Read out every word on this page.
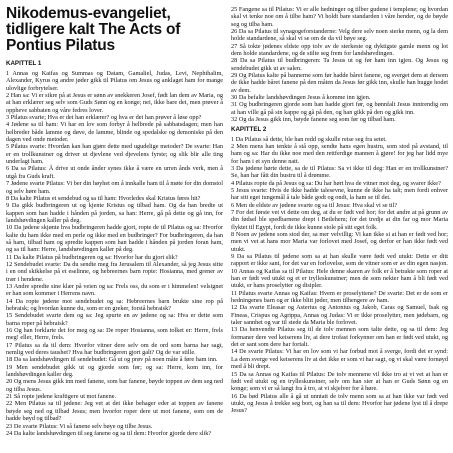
Nikodemus-evangeliet, tidligere kalt The Acts of Pontius Pilatus
KAPITTEL 1

1 Annas og Kaifas og Summas og Datam, Gamaliel, Judas, Levi, Nephthalim, Alexander, Kyrus og andre jøder gikk til Pilatus om Jesus og anklaget ham for mange ulovlige forbrytelser.

2 Han sa: Vi er sikre på at Jesus er sønn av snekkeren Josef, født lan dem av Maria, og at han erklærer seg selv som Guds Sønn og en konge; nei, ikke bare det, men prøver å oppheve sabbaten og våre fedres lover.

3 Pilatus svarte; Hva er det han erklærer? og hva er det han prøver å løse opp?

4 Jødene sa til ham: Vi har en lov som forbyr å helbrede på sabbatsdagen; men han helbreder både lamme og døve, de lamme, blinde og spedalske og demoniske på den dagen ved onde metoder.

5 Pilatus svarte: Hvordan kan han gjøre dette med ugudelige metoder? De svarte: Han er en trollkunstner og driver ut djevlene ved djevelens fyrste; og slik blir alle ting underlagt ham.

6 Da sa Pilatus: Å drive ut onde ånder synes ikke å være en urren ånds verk, men å utgå fra Guds kraft.

7 Jødene svarte Pilatus: Vi ber din høyhet om å innkalle ham til å møte for din domstol og selv høre ham.

8 Da kalte Pilatus et sendebud og sa til ham: Hvorledes skal Kristus føres hit?

9 Da gikk budbringeren ut og kjente Kristus og tilbad ham. Og da han bredte ut kappen som han hadde i hånden på jorden, sa han: Herre, gå på dette og gå inn, for landshøvdingen kaller på deg.

10 Da jødene skjønte hva budbringeren hadde gjort, ropte de til Pilatus og sa: Hvorfor kalte du ham ikke med en perle og ikke med en budbringer? For budbringeren, da han så ham, tilbad ham og spredte kappen som han hadde i hånden på jorden foran ham, og sa til ham: Herre, landshøvdingen kaller på deg.

11 Da kalte Pilatus på budbringeren og sa: Hvorfor har du gjort slik?

12 Sendebudet svarte: Da du sendte meg fra Jerusalem til Alexander, så jeg Jesus sitte i en ond skikkelse på et eselinne, og hebreernes barn ropte: Hosianna, med grener av trær i hendene.

13 Andre spredte sine klær på veien og sa: Frels oss, du som er i himmelen! velsignet er han som kommer i Herrens navn.

14 Da ropte jødene mot sendebudet og sa: Hebreernes barn brukte sine rop på hebraisk; og hvordan kunne du, som er en greker, forstå hebraisk?

15 Sendebudet svarte dem og sa: Jeg spurte en av jødene og sa: Hva er dette som barna roper på hebraisk?

16 Og han forklarte det for meg og sa: De roper Hosianna, som tolket er: Herre, frels meg! eller, Herre, frels.

17 Pilatus sa da til dem: Hvorfor vitner dere selv om de ord som barna har sagt, nemlig ved deres taushet? Hva har budbringeren gjort galt? Og de var stille.

18 Da sa landshøvdingen til sendebudet: Gå ut og prøv på noen måte å føre ham inn.

19 Men sendebudet gikk ut og gjorde som før; og sa: Herre, kom inn, for landshøvdingen kaller deg.

20 Og mens Jesus gikk inn med fanene, som bar fanene, bøyde toppen av dem seg ned og tilba Jesus.

21 Så ropte jødene kraftigere ut mot fanene.

22 Men Pilatus sa til jødene: Jeg vet at det ikke behager eder at toppen av fanene bøyde seg ned og tilbad Jesus; men hvorfor roper dere ut mot fanene, som om de hadde bøyd og tilbad?

23 De svarte Pilatus: Vi så fanene selv bøye og tilbe Jesus.

24 Da kalte landshøvdingen til seg fanene og sa til dem: Hvorfor gjorde dere slik?

25 Fangene sa til Pilatus: Vi er alle hedninger og tilber gudene i templene; og hvordan skal vi tenke noe om å tilbe ham? Vi holdt bare standarden i våre hender, og de bøyde seg og tilba ham.

26 Da sa Pilatus til synagogeforstanderne: Velg dere selv noen sterke menn, og la dem holde standardene, så skal vi se om de da vil bøye seg.

27 Så tokte jødenes eldste opp tolv av de sterkeste og dyktigste gamle menn og lot dem holde standardene, og de stilte seg frem for landshøvdingen.

28 Da sa Pilatus til budbringeren: Ta Jesus ut og før ham inn igjen. Og Jesus og sendebudet gikk ut av salen.

29 Og Pilatus kalte på bannerne som før hadde båret fanene, og sverget dem at dersom de ikke hadde båret fanene på den måten da Jesus før gikk inn, skulle han hugge hodet av dem.

30 Da befalte landshøvdingen Jesus å komme inn igjen.

31 Og budbringeren gjorde som han hadde gjort før, og bønnfalt Jesus inntrendig om at han ville gå på sin kappe og gå på den, og han gikk på den og gikk inn.

32 Og da Jesus gikk inn, bøyde fanene seg som før og tilbad ham.

KAPITTEL 2

1 Da Pilatus så dette, ble han redd og skulle reise seg fra setet.

2 Men mens han tenkte å stå opp, sendte hans egen hustru, som stod på avstand, til ham og sa: Har du ikke noe med den rettferdige mannen å gjøre! for jeg har lidd mye for ham i et syn denne natt.

3 Da jødene hørte dette, sa de til Pilatus: Sa vi ikke til deg: Han er en trollkunstner? Se, han har fått din hustru til å drømme.

4 Pilatus ropte da på Jesus og sa: Du har hørt hva de vitner mot deg, og svarer ikke?

5 Jesus svarte: Hvis de ikke hadde talesevne, kunne de ikke ha talt; men fordi enhver har sitt eget tungemål å tale både godt og ondt, la ham se til det.

6 Men de eldste av jødene svarte og sa til Jesus: Hva skal vi se til?

7 For det første vet vi dette om deg, at du er født ved hor; for det andre at på grunn av din fødsel ble spedbarnene drept i Betlehem; for det tredje at din far og mor Maria flyktet til Egypt, fordi de ikke kunne stole på sitt eget folk.

8 Noen av jødene som stod der, sa mer velvillig: Vi kan ikke si at han er født ved hor; men vi vet at hans mor Maria var forlovet med Josef, og derfor er han ikke født ved utukt.

9 Da sa Pilatus til jødene som sa at han skulle være født ved utukt: Dette er ditt rapport er ikke sant, for det var en forlovelse, som de vitner som er av din egen nasjon.

10 Annas og Kaifas sa til Pilatus: Hele denne skaren av folk er å betrakte som roper at han er født ved utukt og et er trylleskunstner; men de som nekter ham å bli født ved utukt, er hans proselytter og disipler.

11 Pilatus svarte Annas og Kaifas: Hvem er proselyttene? De svarte: Det er de som er hedningenes barn og er ikke blitt jøder, men tilhengere av ham.

12 Da svarte Eleasar og Asterius og Antonius og Jakob, Caras og Samuel, Isak og Fineas, Crispus og Agrippa, Annas og Judas: Vi er ikke proselytter, men jødebarn, og taler sannhet og var til stede da Maria ble forlovet.

13 Da henvendte Pilatus seg til de tolv mennen som talte dette, og sa til dem: Jeg formaner dere ved keiserens liv, at dere trofast forkynner om han er født ved utukt, og det er sant som dere har fortalt.

14 De svarte Pilatus: Vi har en lov som vi har forbud mot å sverge, fordi det er synd: La dem sverge ved keiserens liv at det ikke er som vi har sagt, og vi skal være fornøyd med å bli drept.

15 Da sa Annas og Kaifas til Pilatus: De tolv mennene vil ikke tro at vi vet at han er født ved utukt og en trylleskunstner, selv om han sier at han er Guds Sønn og en konge; som vi er så langt fra å tro, at vi skjelver for å høre.

16 Da bød Pilatus alle å gå ut unntatt de tolv menn som sa at han ikke var født ved utukt, og Jesus å trekke seg bort, og han sa til dem: Hvorfor har jødene lyst til å drepe Jesus?
